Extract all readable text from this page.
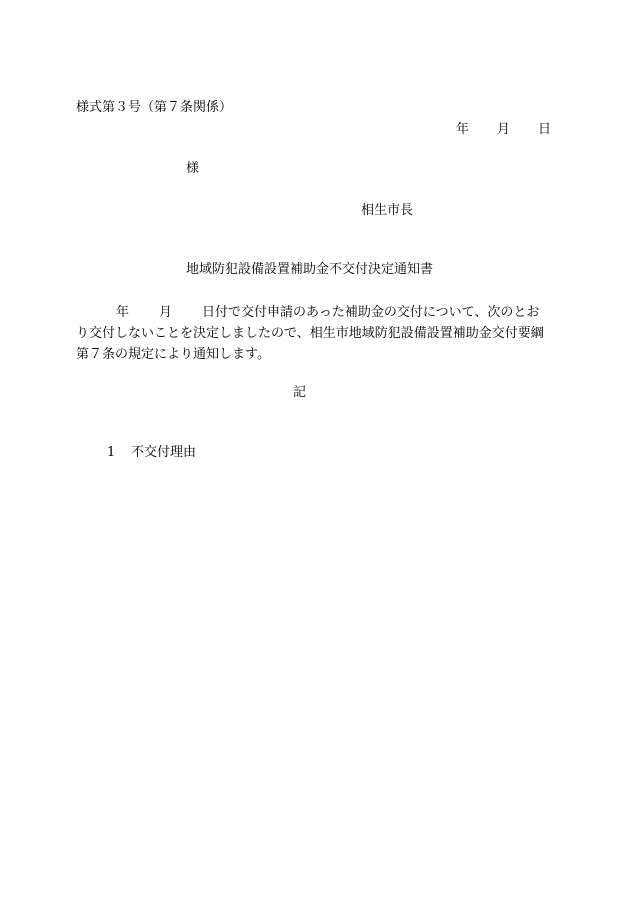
様式第３号（第７条関係）
年 月 日
様
相生市長
地域防犯設備設置補助金不交付決定通知書
年 月 日付で交付申請のあった補助金の交付について、次のとおり交付しないことを決定しましたので、相生市地域防犯設備設置補助金交付要綱第７条の規定により通知します。
記
1 不交付理由
